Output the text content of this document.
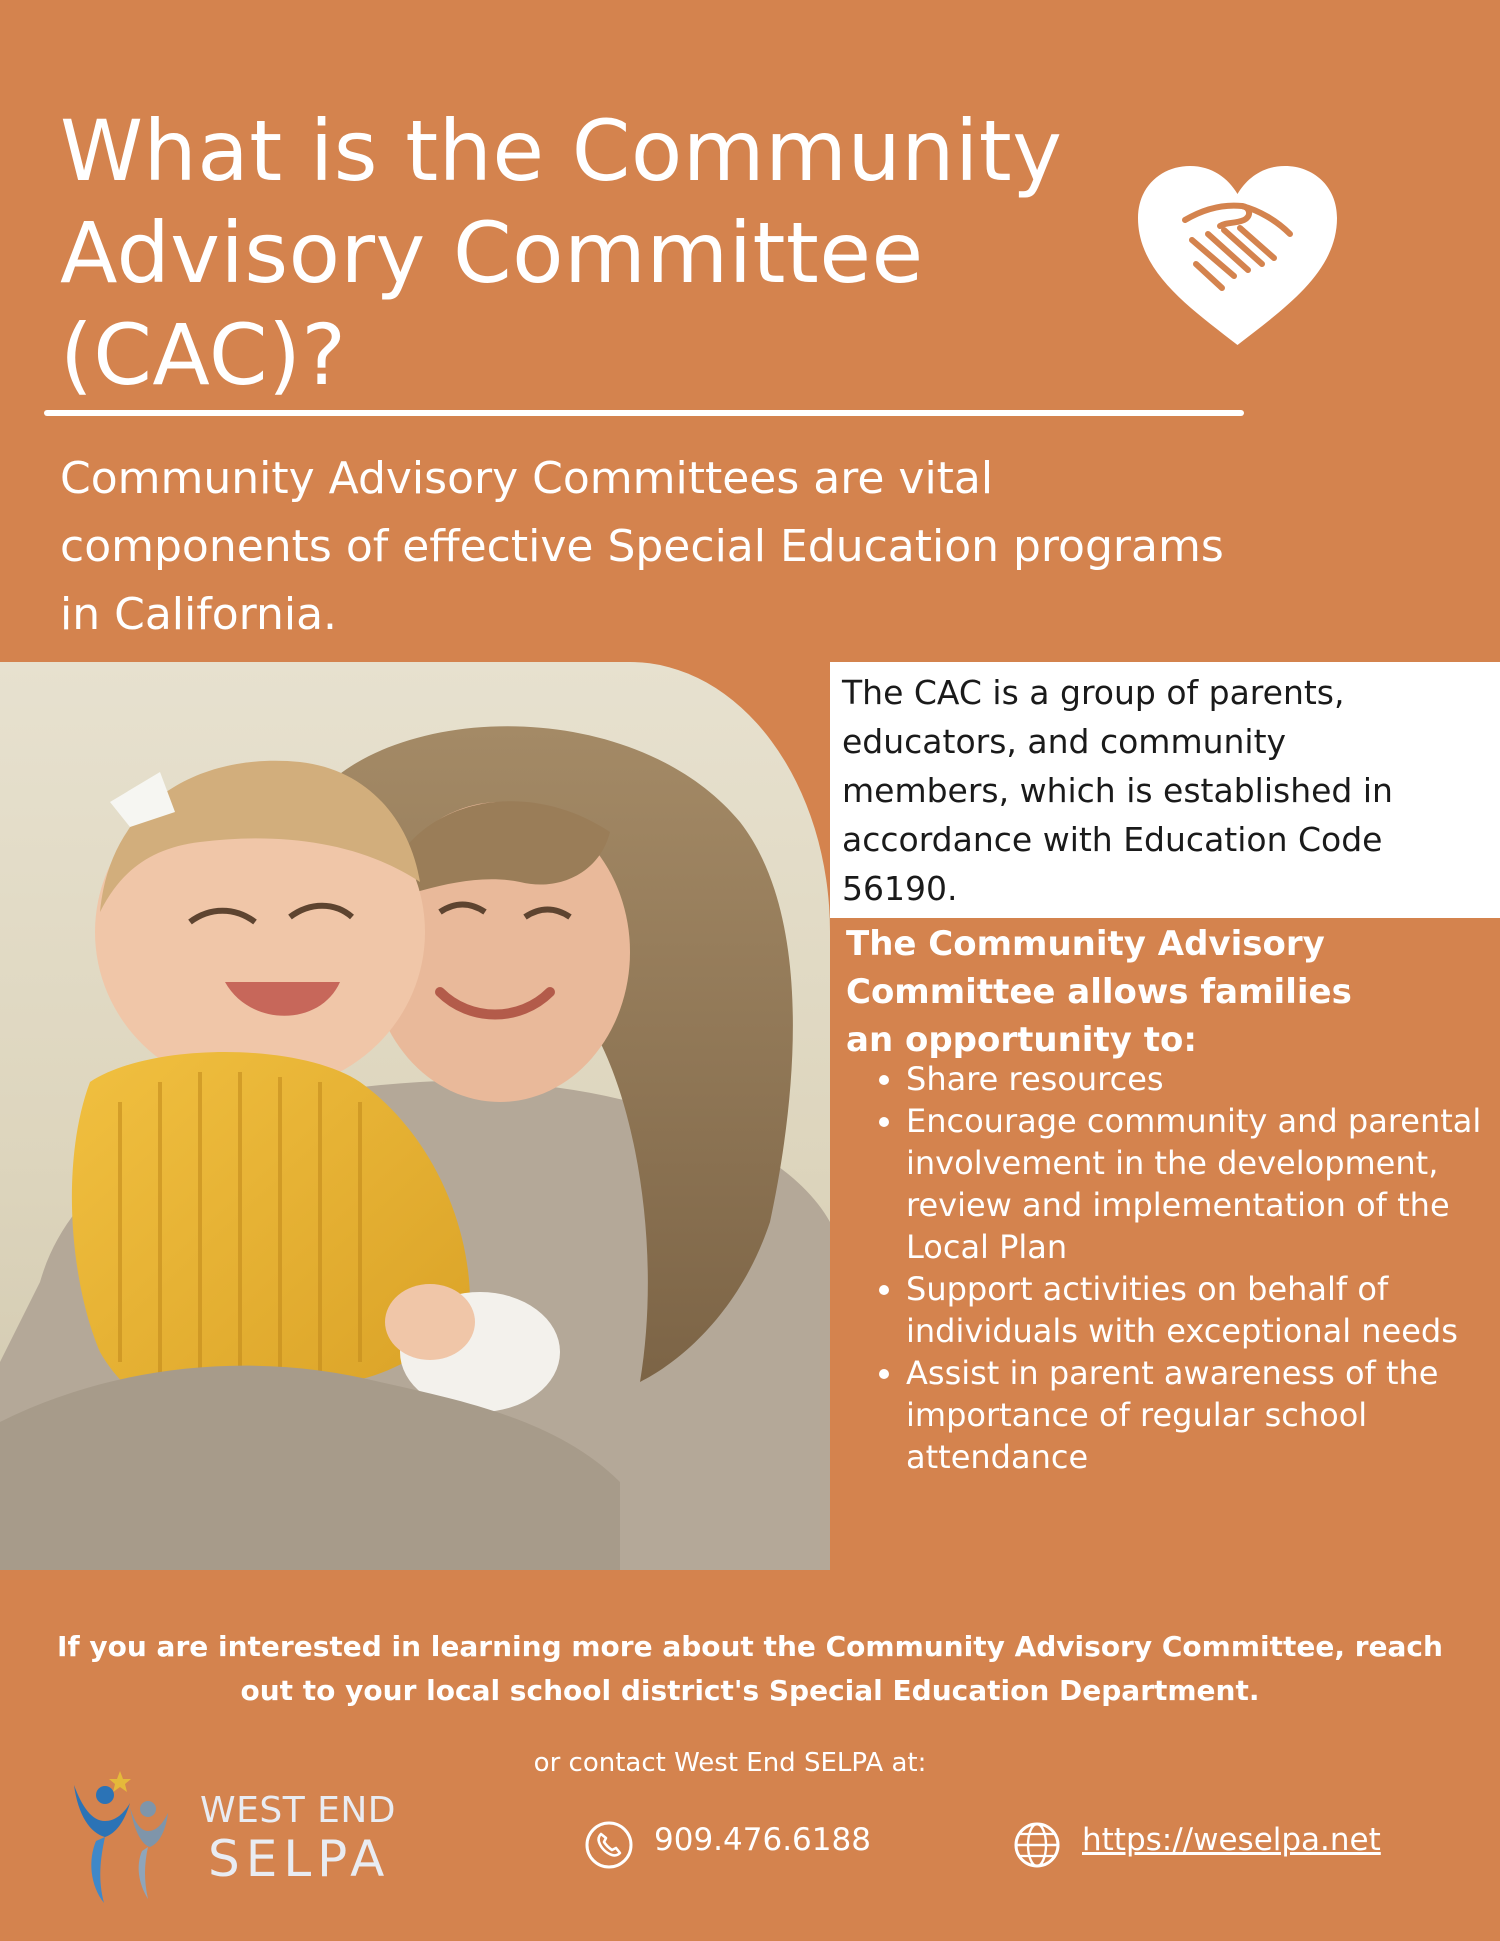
What is the Community Advisory Committee (CAC)?
Community Advisory Committees are vital components of effective Special Education programs in California.
The CAC is a group of parents, educators, and community members, which is established in accordance with Education Code 56190.
The Community Advisory Committee allows families an opportunity to:
• Share resources
• Encourage community and parental involvement in the development, review and implementation of the Local Plan
• Support activities on behalf of individuals with exceptional needs
• Assist in parent awareness of the importance of regular school attendance
If you are interested in learning more about the Community Advisory Committee, reach out to your local school district's Special Education Department.
or contact West End SELPA at:
WEST END
SELPA	909.476.6188	https://weselpa.net
